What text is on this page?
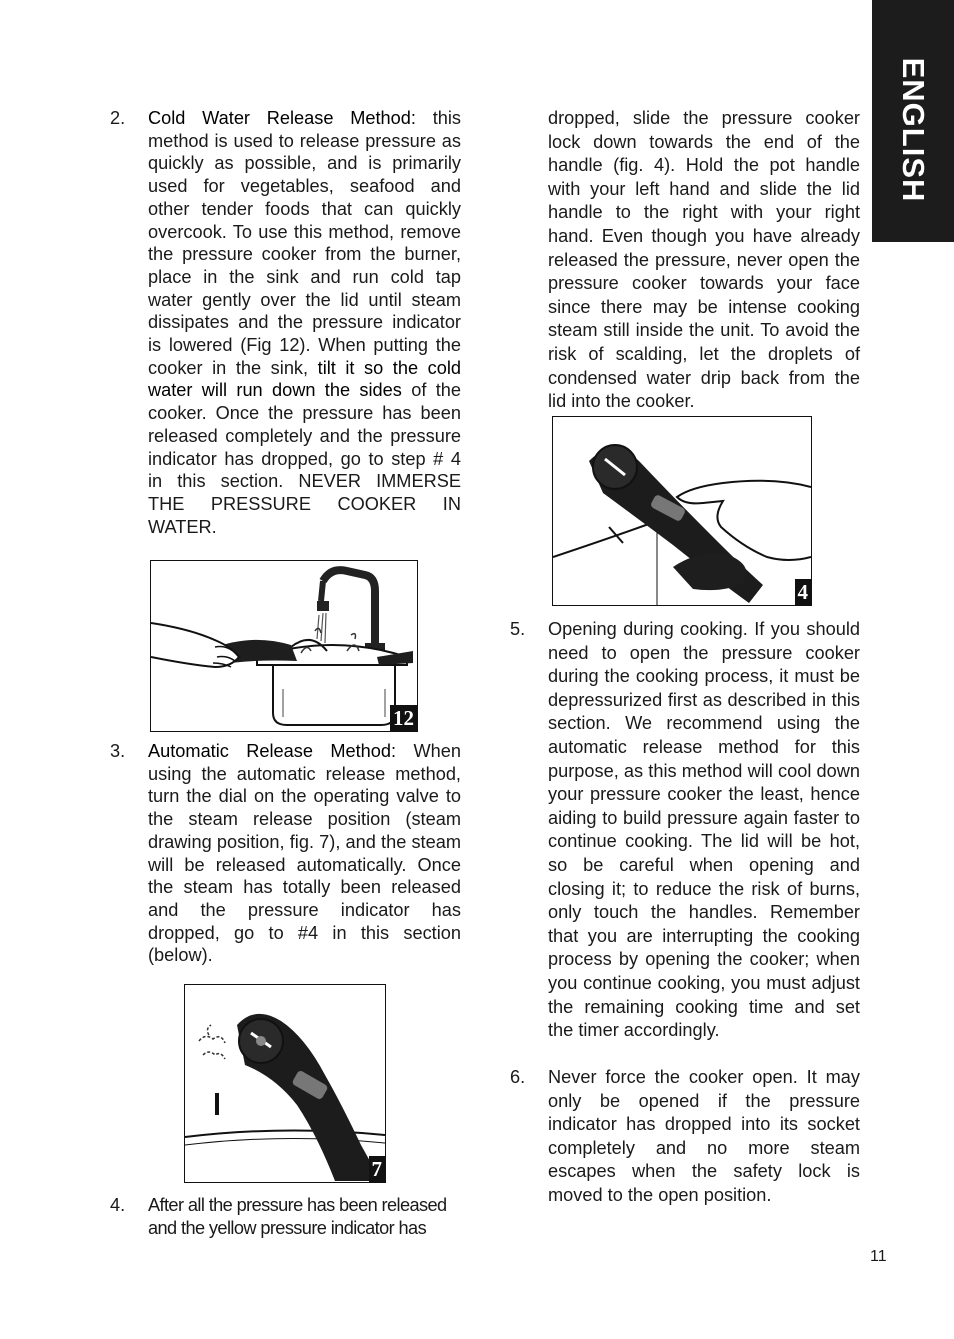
ENGLISH
2. Cold Water Release Method: this method is used to release pressure as quickly as possible, and is primarily used for vegetables, seafood and other tender foods that can quickly overcook. To use this method, remove the pressure cooker from the burner, place in the sink and run cold tap water gently over the lid until steam dissipates and the pressure indicator is lowered (Fig 12). When putting the cooker in the sink, tilt it so the cold water will run down the sides of the cooker. Once the pressure has been released completely and the pressure indicator has dropped, go to step # 4 in this section. NEVER IMMERSE THE PRESSURE COOKER IN WATER.

12
3. Automatic Release Method: When using the automatic release method, turn the dial on the operating valve to the steam release position (steam drawing position, fig. 7), and the steam will be released automatically. Once the steam has totally been released and the pressure indicator has dropped, go to #4 in this section (below).

7
4. After all the pressure has been released and the yellow pressure indicator has

dropped, slide the pressure cooker lock down towards the end of the handle (fig. 4). Hold the pot handle with your left hand and slide the lid handle to the right with your right hand. Even though you have already released the pressure, never open the pressure cooker towards your face since there may be intense cooking steam still inside the unit. To avoid the risk of scalding, let the droplets of condensed water drip back from the lid into the cooker.

4
5. Opening during cooking. If you should need to open the pressure cooker during the cooking process, it must be depressurized first as described in this section. We recommend using the automatic release method for this purpose, as this method will cool down your pressure cooker the least, hence aiding to build pressure again faster to continue cooking. The lid will be hot, so be careful when opening and closing it; to reduce the risk of burns, only touch the handles. Remember that you are interrupting the cooking process by opening the cooker; when you continue cooking, you must adjust the remaining cooking time and set the timer accordingly.

6. Never force the cooker open. It may only be opened if the pressure indicator has dropped into its socket completely and no more steam escapes when the safety lock is moved to the open position.

11
